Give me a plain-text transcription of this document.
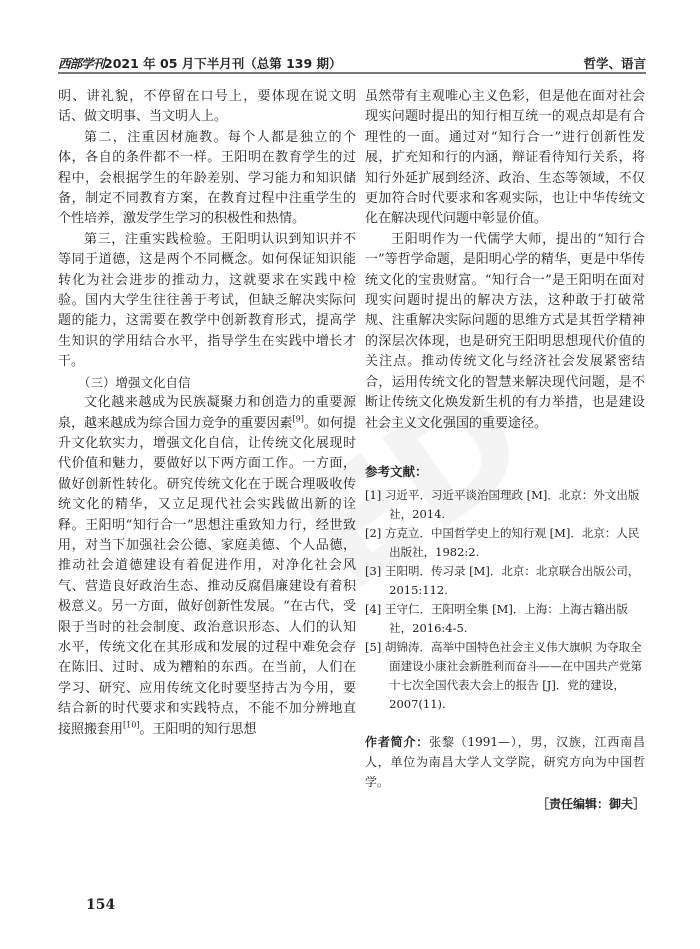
西部学刊2021 年 05 月下半月刊（总第 139 期）	哲学、语言

明、讲礼貌，不停留在口号上，要体现在说文明话、做文明事、当文明人上。

第二，注重因材施教。每个人都是独立的个体，各自的条件都不一样。王阳明在教育学生的过程中，会根据学生的年龄差别、学习能力和知识储备，制定不同教育方案，在教育过程中注重学生的个性培养，激发学生学习的积极性和热情。

第三，注重实践检验。王阳明认识到知识并不等同于道德，这是两个不同概念。如何保证知识能转化为社会进步的推动力，这就要求在实践中检验。国内大学生往往善于考试，但缺乏解决实际问题的能力，这需要在教学中创新教育形式，提高学生知识的学用结合水平，指导学生在实践中增长才干。

（三）增强文化自信

文化越来越成为民族凝聚力和创造力的重要源泉，越来越成为综合国力竞争的重要因素[9]。如何提升文化软实力，增强文化自信，让传统文化展现时代价值和魅力，要做好以下两方面工作。一方面，做好创新性转化。研究传统文化在于既合理吸收传统文化的精华，又立足现代社会实践做出新的诠释。王阳明“知行合一”思想注重致知力行，经世致用，对当下加强社会公德、家庭美德、个人品德，推动社会道德建设有着促进作用，对净化社会风气、营造良好政治生态、推动反腐倡廉建设有着积极意义。另一方面，做好创新性发展。“在古代，受限于当时的社会制度、政治意识形态、人们的认知水平，传统文化在其形成和发展的过程中难免会存在陈旧、过时、成为糟粕的东西。在当前，人们在学习、研究、应用传统文化时要坚持古为今用，要结合新的时代要求和实践特点，不能不加分辨地直接照搬套用[10]。王阳明的知行思想

虽然带有主观唯心主义色彩，但是他在面对社会现实问题时提出的知行相互统一的观点却是有合理性的一面。通过对“知行合一”进行创新性发展，扩充知和行的内涵，辩证看待知行关系，将知行外延扩展到经济、政治、生态等领域，不仅更加符合时代要求和客观实际，也让中华传统文化在解决现代问题中彰显价值。

王阳明作为一代儒学大师，提出的“知行合一”等哲学命题，是阳明心学的精华，更是中华传统文化的宝贵财富。“知行合一”是王阳明在面对现实问题时提出的解决方法，这种敢于打破常规、注重解决实际问题的思维方式是其哲学精神的深层次体现，也是研究王阳明思想现代价值的关注点。推动传统文化与经济社会发展紧密结合，运用传统文化的智慧来解决现代问题，是不断让传统文化焕发新生机的有力举措，也是建设社会主义文化强国的重要途径。

参考文献：

[1] 习近平．习近平谈治国理政 [M]．北京：外文出版社，2014.

[2] 方克立．中国哲学史上的知行观 [M]．北京：人民出版社，1982:2.

[3] 王阳明．传习录 [M]．北京：北京联合出版公司，2015:112.

[4] 王守仁．王阳明全集 [M]．上海：上海古籍出版社，2016:4-5.

[5] 胡锦涛．高举中国特色社会主义伟大旗帜 为夺取全面建设小康社会新胜利而奋斗——在中国共产党第十七次全国代表大会上的报告 [J]．党的建设，2007(11).

作者简介：张黎（1991—），男，汉族，江西南昌人，单位为南昌大学人文学院，研究方向为中国哲学。
［责任编辑：御夫］
154
